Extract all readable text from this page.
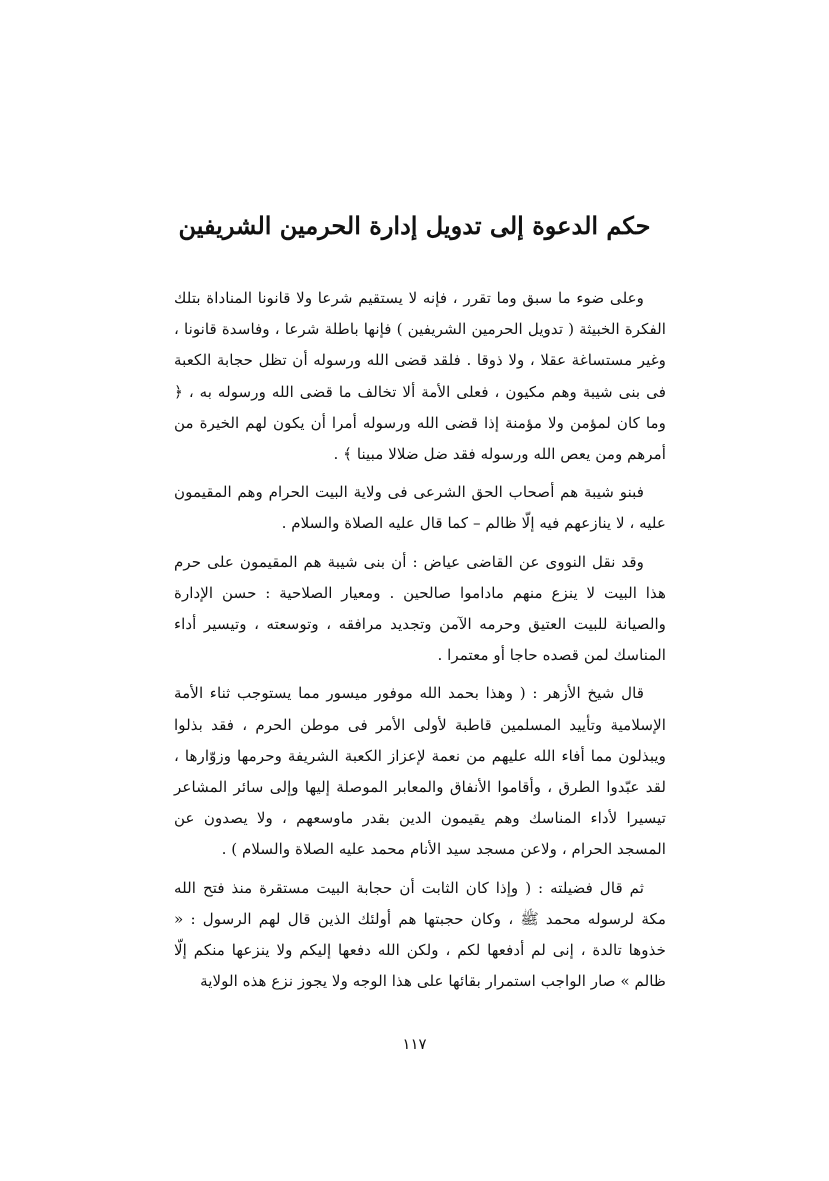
حكم الدعوة إلى تدويل إدارة الحرمين الشريفين

وعلى ضوء ما سبق وما تقرر ، فإنه لا يستقيم شرعا ولا قانونا المناداة بتلك الفكرة الخبيثة ( تدويل الحرمين الشريفين ) فإنها باطلة شرعا ، وفاسدة قانونا ، وغير مستساغة عقلا ، ولا ذوقا . فلقد قضى الله ورسوله أن تظل حجابة الكعبة فى بنى شيبة وهم مكيون ، فعلى الأمة ألا تخالف ما قضى الله ورسوله به ، ﴿ وما كان لمؤمن ولا مؤمنة إذا قضى الله ورسوله أمرا أن يكون لهم الخيرة من أمرهم ومن يعص الله ورسوله فقد ضل ضلالا مبينا ﴾ .

فبنو شيبة هم أصحاب الحق الشرعى فى ولاية البيت الحرام وهم المقيمون عليه ، لا ينازعهم فيه إلّا ظالم – كما قال عليه الصلاة والسلام .

وقد نقل النووى عن القاضى عياض : أن بنى شيبة هم المقيمون على حرم هذا البيت لا ينزع منهم ماداموا صالحين . ومعيار الصلاحية : حسن الإدارة والصيانة للبيت العتيق وحرمه الآمن وتجديد مرافقه ، وتوسعته ، وتيسير أداء المناسك لمن قصده حاجا أو معتمرا .

قال شيخ الأزهر : ( وهذا بحمد الله موفور ميسور مما يستوجب ثناء الأمة الإسلامية وتأييد المسلمين قاطبة لأولى الأمر فى موطن الحرم ، فقد بذلوا ويبذلون مما أفاء الله عليهم من نعمة لإعزاز الكعبة الشريفة وحرمها وزوّارها ، لقد عبّدوا الطرق ، وأقاموا الأنفاق والمعابر الموصلة إليها وإلى سائر المشاعر تيسيرا لأداء المناسك وهم يقيمون الدين بقدر ماوسعهم ، ولا يصدون عن المسجد الحرام ، ولاعن مسجد سيد الأنام محمد عليه الصلاة والسلام ) .

ثم قال فضيلته : ( وإذا كان الثابت أن حجابة البيت مستقرة منذ فتح الله مكة لرسوله محمد ﷺ ، وكان حجبتها هم أولئك الذين قال لهم الرسول : « خذوها تالدة ، إنى لم أدفعها لكم ، ولكن الله دفعها إليكم ولا ينزعها منكم إلّا ظالم » صار الواجب استمرار بقائها على هذا الوجه ولا يجوز نزع هذه الولاية

١١٧
